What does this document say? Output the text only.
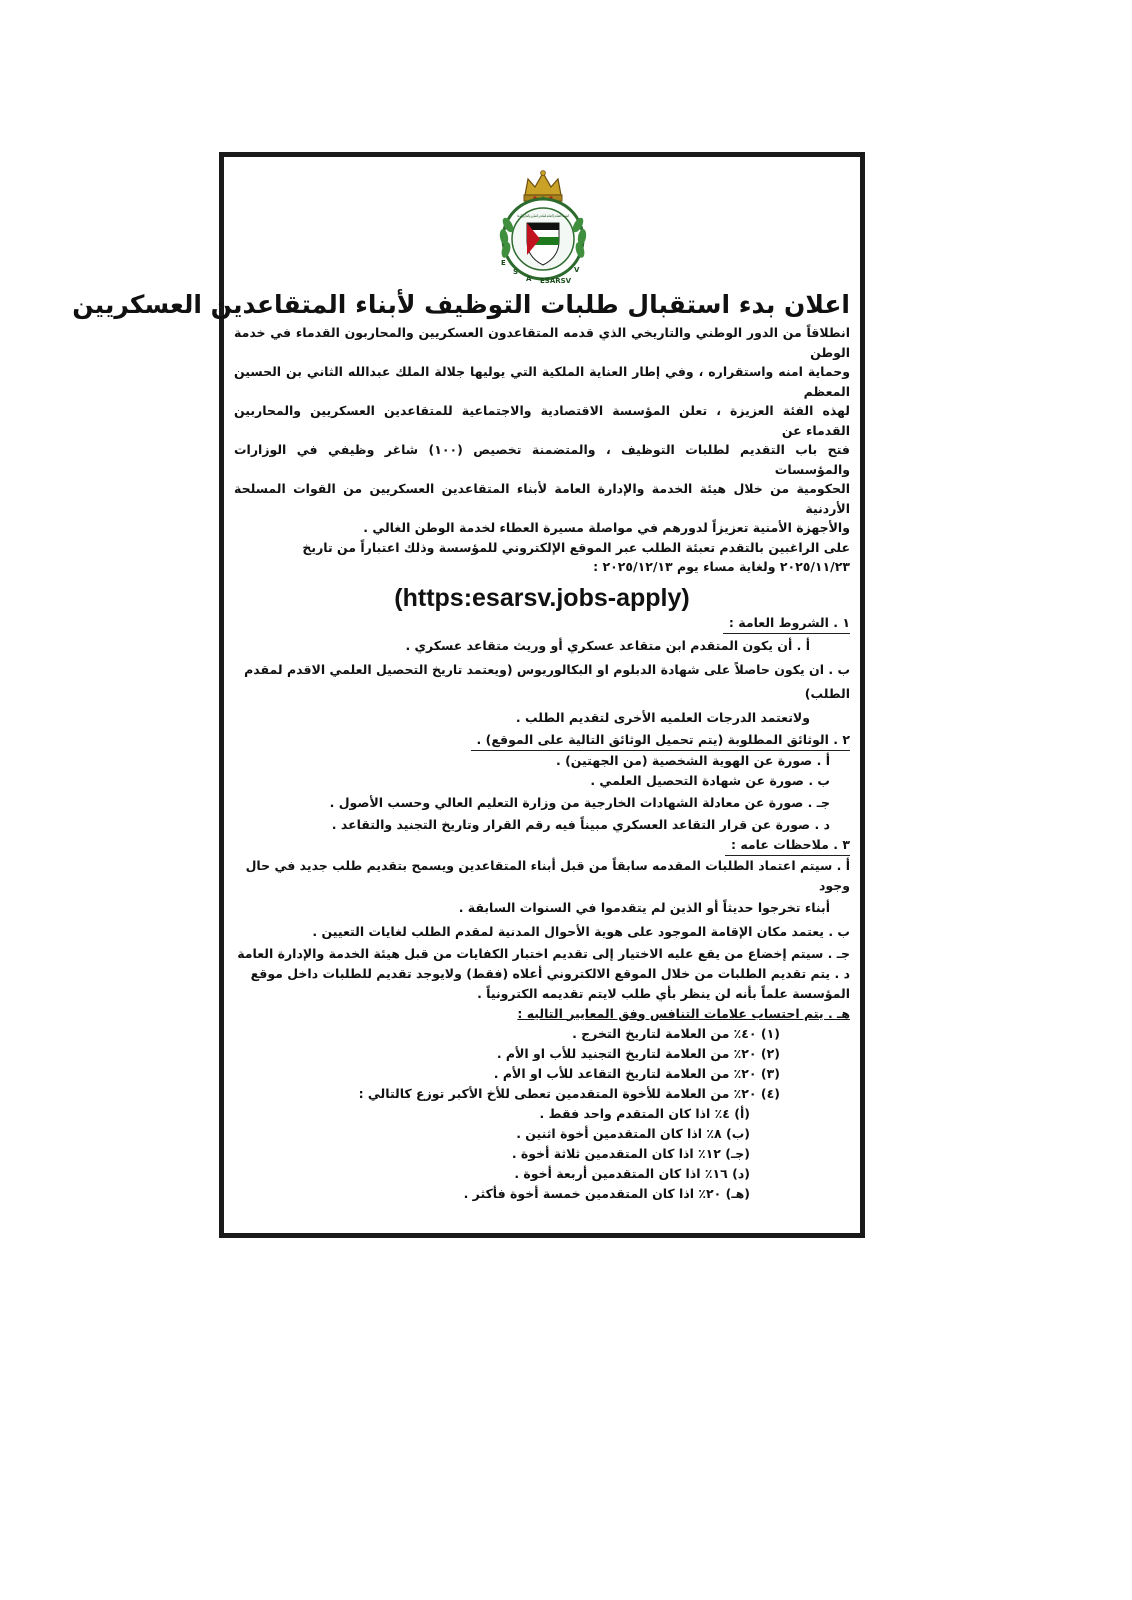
E
S
A ESARSV
V
المؤسسة الاقتصادية والاجتماعية للمتقاعدين العسكريين والمحاربين القدماء
اعلان بدء استقبال طلبات التوظيف لأبناء المتقاعدين العسكريين

انطلاقاً من الدور الوطني والتاريخي الذي قدمه المتقاعدون العسكريين والمحاربون القدماء في خدمة الوطن

وحماية امنه واستقراره ، وفي إطار العناية الملكية التي يوليها جلالة الملك عبدالله الثاني بن الحسين المعظم

لهذه الفئة العزيزة ، تعلن المؤسسة الاقتصادية والاجتماعية للمتقاعدين العسكريين والمحاربين القدماء عن

فتح باب التقديم لطلبات التوظيف ، والمتضمنة تخصيص (١٠٠) شاغر وظيفي في الوزارات والمؤسسات

الحكومية من خلال هيئة الخدمة والإدارة العامة لأبناء المتقاعدين العسكريين من القوات المسلحة الأردنية

والأجهزة الأمنية تعزيزاً لدورهم في مواصلة مسيرة العطاء لخدمة الوطن الغالي .

على الراغبين بالتقدم تعبئة الطلب عبر الموقع الإلكتروني للمؤسسة وذلك اعتباراً من تاريخ

٢٠٢٥/١١/٢٣ ولغاية مساء يوم ٢٠٢٥/١٢/١٣ :

(https:esarsv.jobs-apply)

١ . الشروط العامة :

أ . أن يكون المتقدم ابن متقاعد عسكري أو وريث متقاعد عسكري .

ب . ان يكون حاصلاً على شهادة الدبلوم او البكالوريوس (ويعتمد تاريخ التحصيل العلمي الاقدم لمقدم الطلب)

ولاتعتمد الدرجات العلميه الأخرى لتقديم الطلب .

٢ . الوثائق المطلوبة (يتم تحميل الوثائق التالية على الموقع) .

أ . صورة عن الهوية الشخصية (من الجهتين) .

ب . صورة عن شهادة التحصيل العلمي .

جـ . صورة عن معادلة الشهادات الخارجية من وزارة التعليم العالي وحسب الأصول .

د . صورة عن قرار التقاعد العسكري مبيناً فيه رقم القرار وتاريخ التجنيد والتقاعد .

٣ . ملاحظات عامه :

أ . سيتم اعتماد الطلبات المقدمه سابقاً من قبل أبناء المتقاعدين ويسمح بتقديم طلب جديد في حال وجود

أبناء تخرجوا حديثاً أو الذين لم يتقدموا في السنوات السابقة .

ب . يعتمد مكان الإقامة الموجود على هوية الأحوال المدنية لمقدم الطلب لغايات التعيين .

جـ . سيتم إخضاع من يقع عليه الاختيار إلى تقديم اختبار الكفايات من قبل هيئة الخدمة والإدارة العامة

د . يتم تقديم الطلبات من خلال الموقع الالكتروني أعلاه (فقط) ولايوجد تقديم للطلبات داخل موقع

المؤسسة علماً بأنه لن ينظر بأي طلب لايتم تقديمه الكترونياً .

هـ . يتم احتساب علامات التنافس وفق المعايير التاليه :

(١) ٤٠٪ من العلامة لتاريخ التخرج .

(٢) ٢٠٪ من العلامة لتاريخ التجنيد للأب او الأم .

(٣) ٢٠٪ من العلامة لتاريخ التقاعد للأب او الأم .

(٤) ٢٠٪ من العلامة للأخوة المتقدمين تعطى للأخ الأكبر توزع كالتالي :

(أ) ٤٪ اذا كان المتقدم واحد فقط .

(ب) ٨٪ اذا كان المتقدمين أخوة اثنين .

(جـ) ١٢٪ اذا كان المتقدمين ثلاثة أخوة .

(د) ١٦٪ اذا كان المتقدمين أربعة أخوة .

(هـ) ٢٠٪ اذا كان المتقدمين خمسة أخوة فأكثر .
